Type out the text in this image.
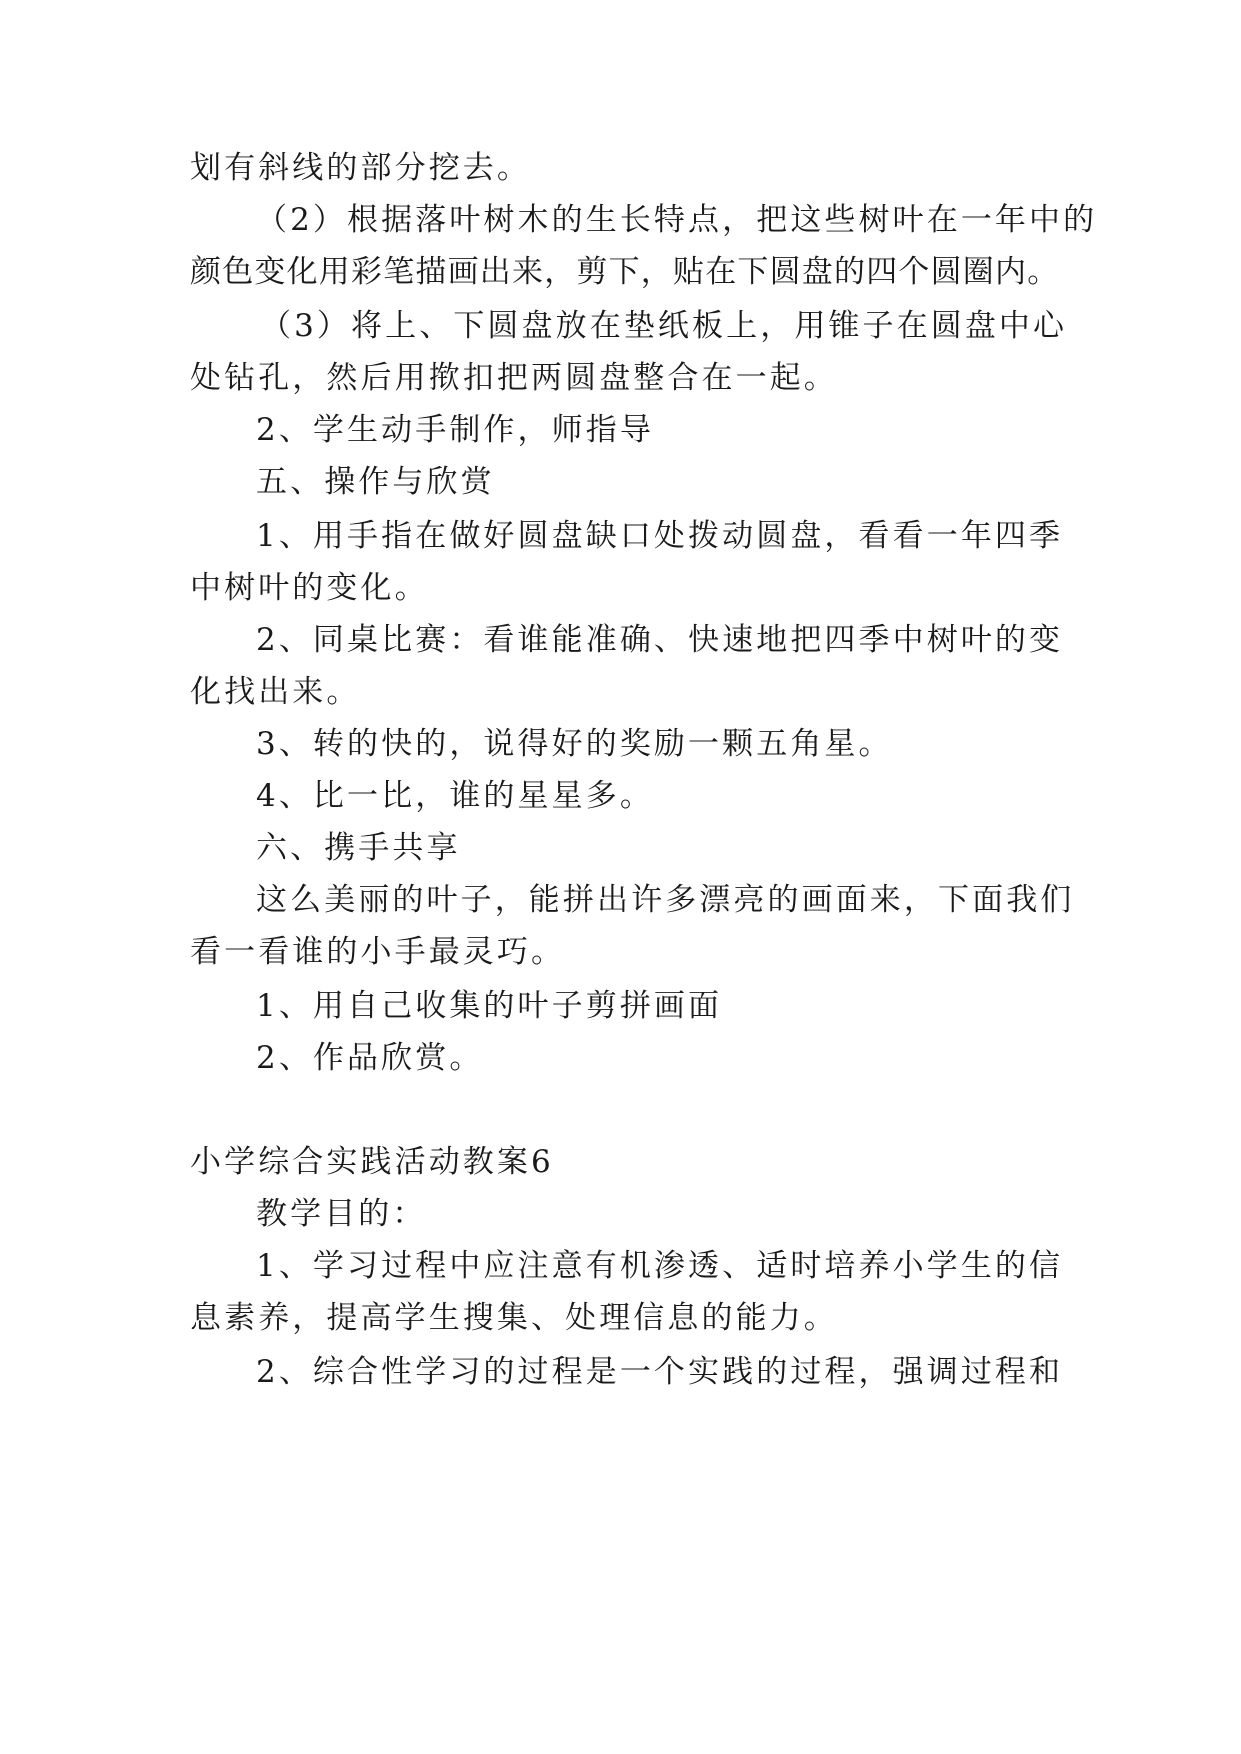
划有斜线的部分挖去。
（2）根据落叶树木的生长特点，把这些树叶在一年中的
颜色变化用彩笔描画出来，剪下，贴在下圆盘的四个圆圈内。
（3）将上、下圆盘放在垫纸板上，用锥子在圆盘中心
处钻孔，然后用揿扣把两圆盘整合在一起。
2、学生动手制作，师指导
五、操作与欣赏
1、用手指在做好圆盘缺口处拨动圆盘，看看一年四季
中树叶的变化。
2、同桌比赛：看谁能准确、快速地把四季中树叶的变
化找出来。
3、转的快的，说得好的奖励一颗五角星。
4、比一比，谁的星星多。
六、携手共享
这么美丽的叶子，能拼出许多漂亮的画面来，下面我们
看一看谁的小手最灵巧。
1、用自己收集的叶子剪拼画面
2、作品欣赏。
小学综合实践活动教案6
教学目的：
1、学习过程中应注意有机渗透、适时培养小学生的信
息素养，提高学生搜集、处理信息的能力。
2、综合性学习的过程是一个实践的过程，强调过程和
